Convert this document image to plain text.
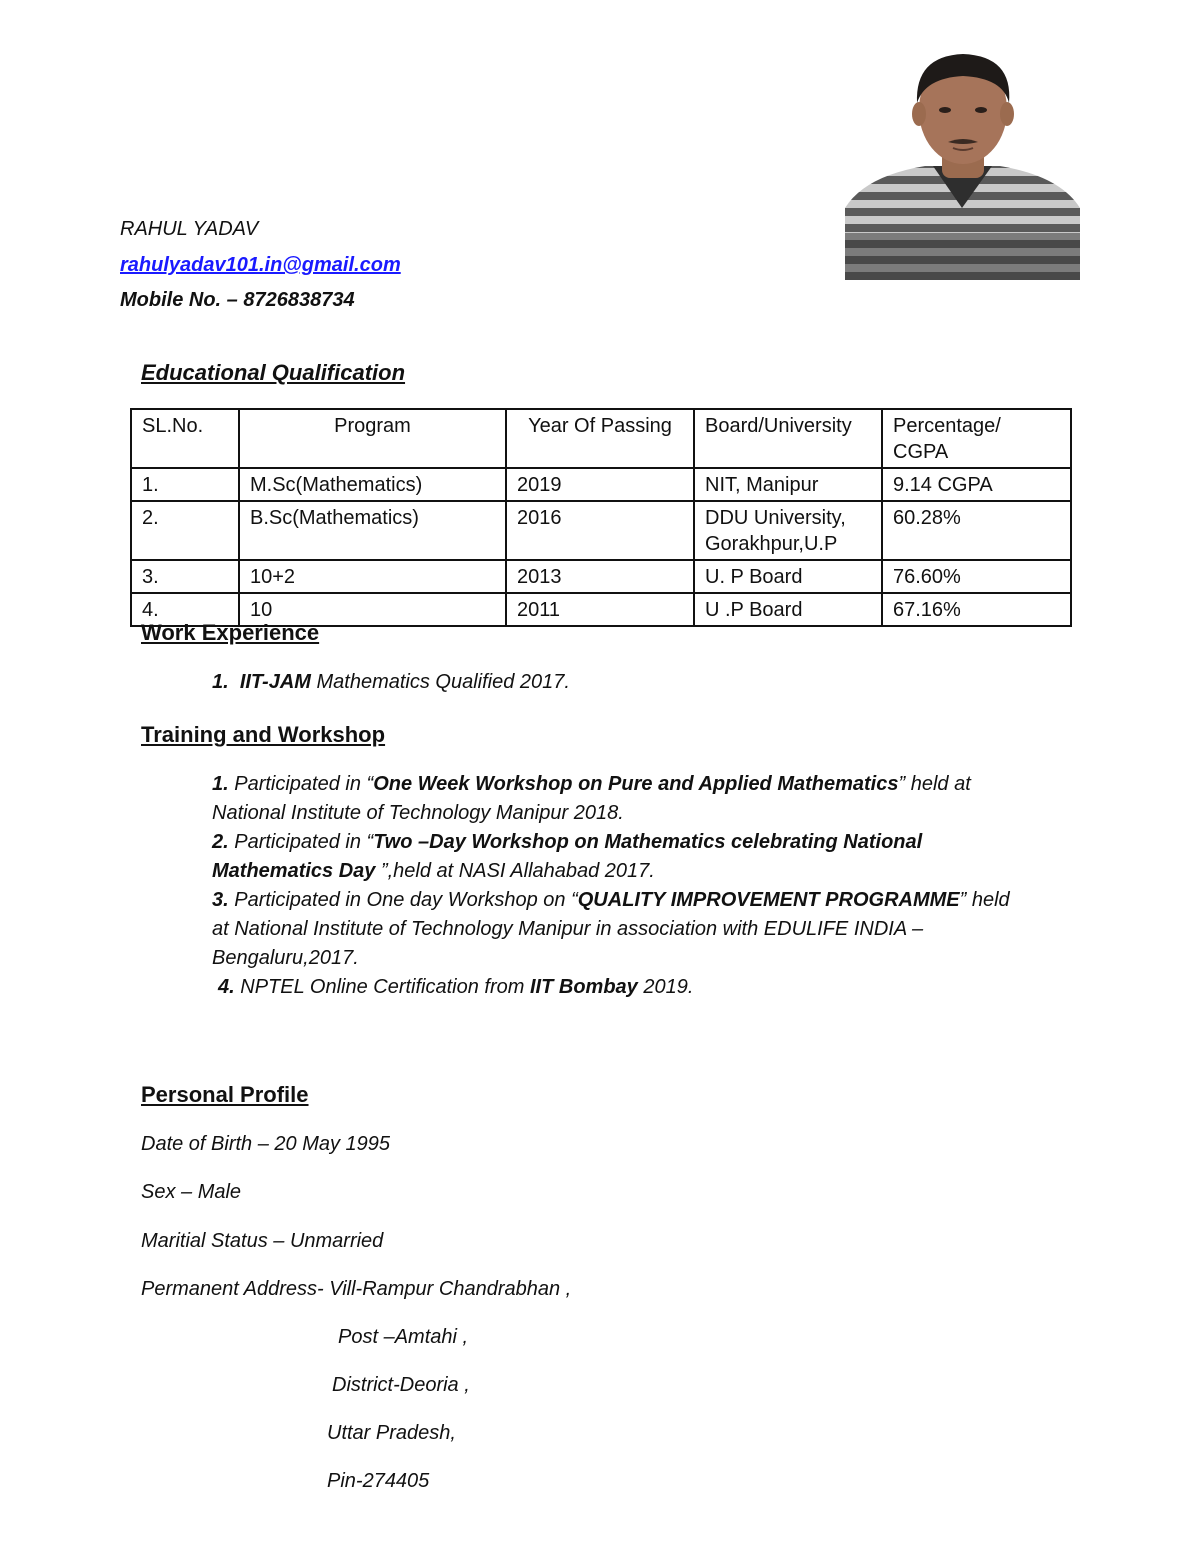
RAHUL YADAV
rahulyadav101.in@gmail.com
Mobile No. – 8726838734
Educational Qualification
SL.No.	Program	Year Of Passing	Board/University	Percentage/ CGPA
1.	M.Sc(Mathematics)	2019	NIT, Manipur	9.14 CGPA
2.	B.Sc(Mathematics)	2016	DDU University, Gorakhpur,U.P	60.28%
3.	10+2	2013	U. P Board	76.60%
4.	10	2011	U .P Board	67.16%
Work Experience
1. IIT-JAM Mathematics Qualified 2017.
Training and Workshop
1. Participated in “One Week Workshop on Pure and Applied Mathematics” held at
National Institute of Technology Manipur 2018.
2. Participated in “Two –Day Workshop on Mathematics celebrating National
Mathematics Day ”,held at NASI Allahabad 2017.
3. Participated in One day Workshop on “QUALITY IMPROVEMENT PROGRAMME” held
at National Institute of Technology Manipur in association with EDULIFE INDIA –
Bengaluru,2017.
4. NPTEL Online Certification from IIT Bombay 2019.
Personal Profile
Date of Birth – 20 May 1995
Sex – Male
Maritial Status – Unmarried
Permanent Address- Vill-Rampur Chandrabhan ,
Post –Amtahi ,
District-Deoria ,
Uttar Pradesh,
Pin-274405
